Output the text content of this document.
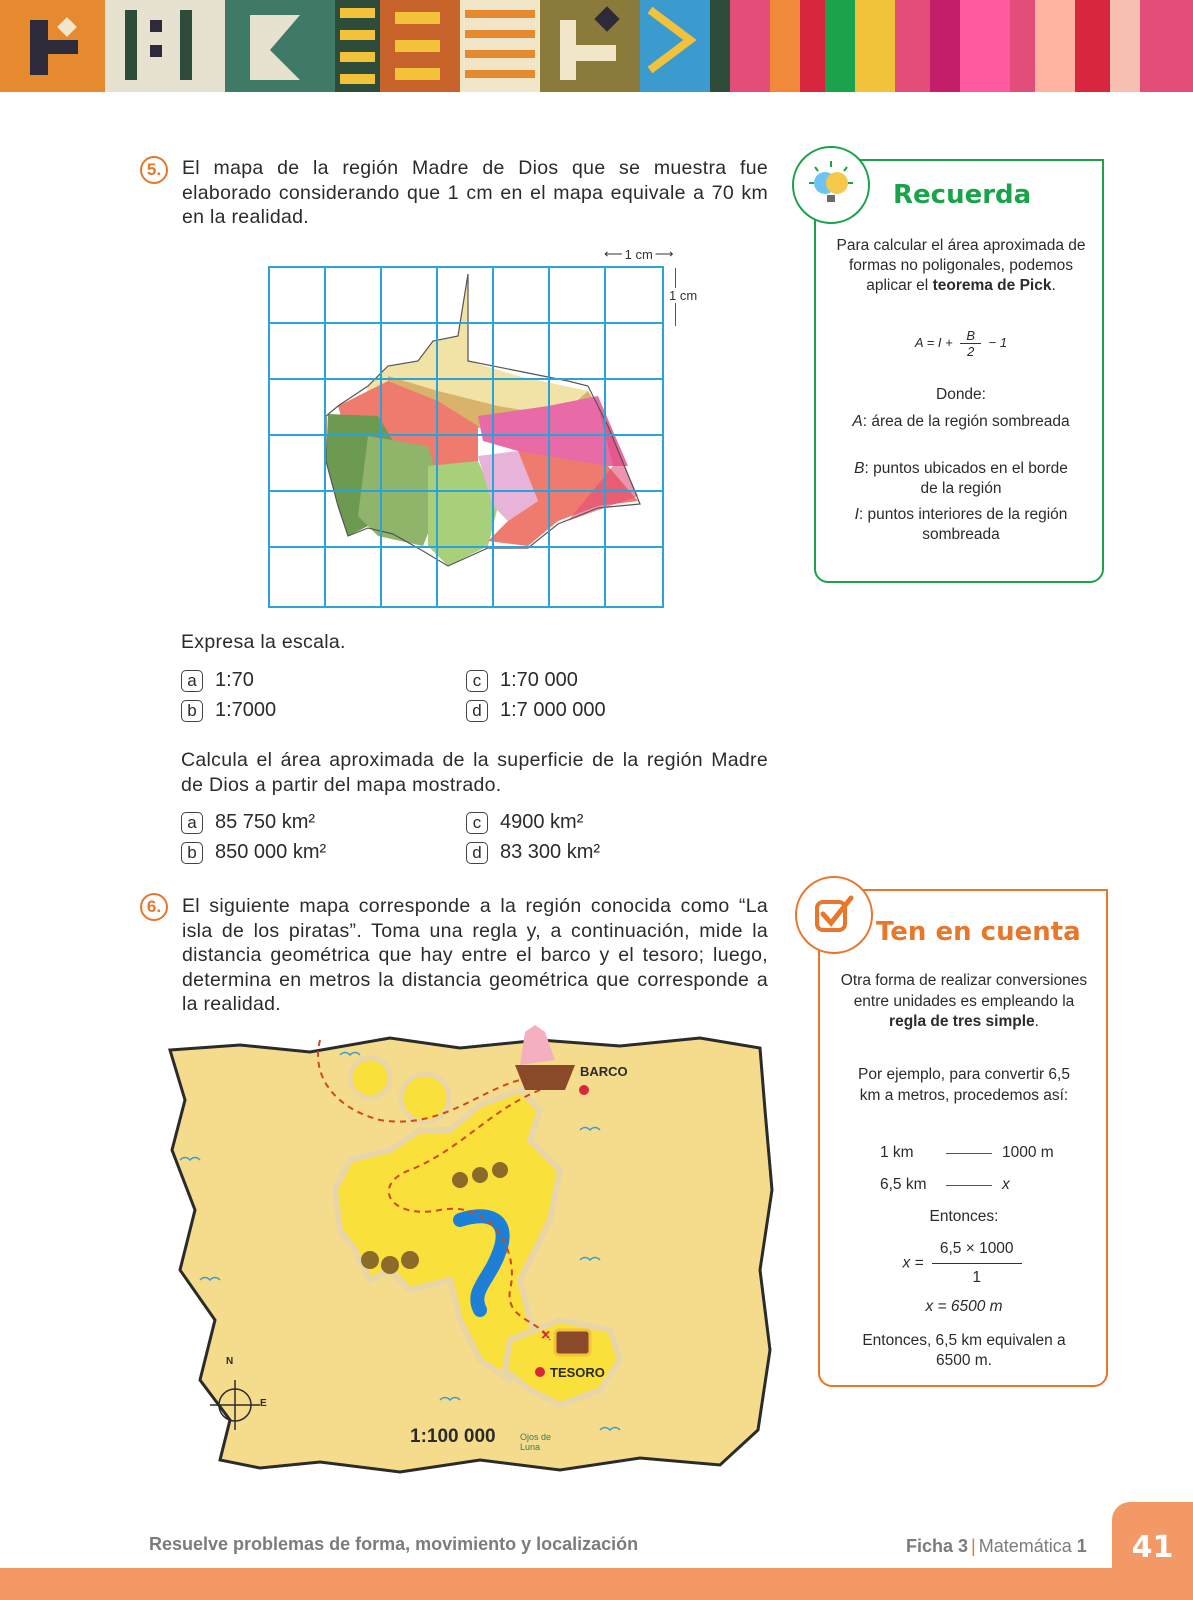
5. El mapa de la región Madre de Dios que se muestra fue elaborado considerando que 1 cm en el mapa equivale a 70 km en la realidad.
⟵ 1 cm ⟶
1 cm
Expresa la escala.
a 1:70
b 1:7000
c 1:70 000
d 1:7 000 000
Calcula el área aproximada de la superficie de la región Madre de Dios a partir del mapa mostrado.
a 85 750 km²
b 850 000 km²
c 4900 km²
d 83 300 km²
6. El siguiente mapa corresponde a la región conocida como “La isla de los piratas”. Toma una regla y, a continuación, mide la distancia geométrica que hay entre el barco y el tesoro; luego, determina en metros la distancia geométrica que corresponde a la realidad.
×
BARCO
TESORO
1:100 000
N
E
Ojos de Luna
Recuerda
Para calcular el área aproximada de formas no poligonales, podemos aplicar el teorema de Pick.
$A = I + \frac{B}{2} - 1$
Donde:
A: área de la región sombreada
B: puntos ubicados en el borde de la región
I: puntos interiores de la región sombreada
Ten en cuenta
Otra forma de realizar conversiones entre unidades es empleando la regla de tres simple.
Por ejemplo, para convertir 6,5 km a metros, procedemos así:
1 km	1000 m
6,5 km	x
Entonces:
$x = \frac{6,5 \times 1000}{1}$
x = 6500 m
Entonces, 6,5 km equivalen a 6500 m.
41
Resuelve problemas de forma, movimiento y localización	Ficha 3 | Matemática 1
